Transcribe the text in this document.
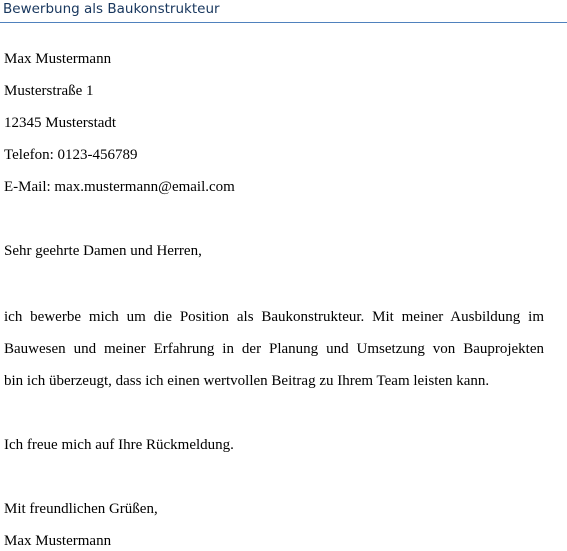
Bewerbung als Baukonstrukteur
Max Mustermann
Musterstraße 1
12345 Musterstadt
Telefon: 0123-456789
E-Mail: max.mustermann@email.com
Sehr geehrte Damen und Herren,
ich bewerbe mich um die Position als Baukonstrukteur. Mit meiner Ausbildung im
Bauwesen und meiner Erfahrung in der Planung und Umsetzung von Bauprojekten
bin ich überzeugt, dass ich einen wertvollen Beitrag zu Ihrem Team leisten kann.
Ich freue mich auf Ihre Rückmeldung.
Mit freundlichen Grüßen,
Max Mustermann
